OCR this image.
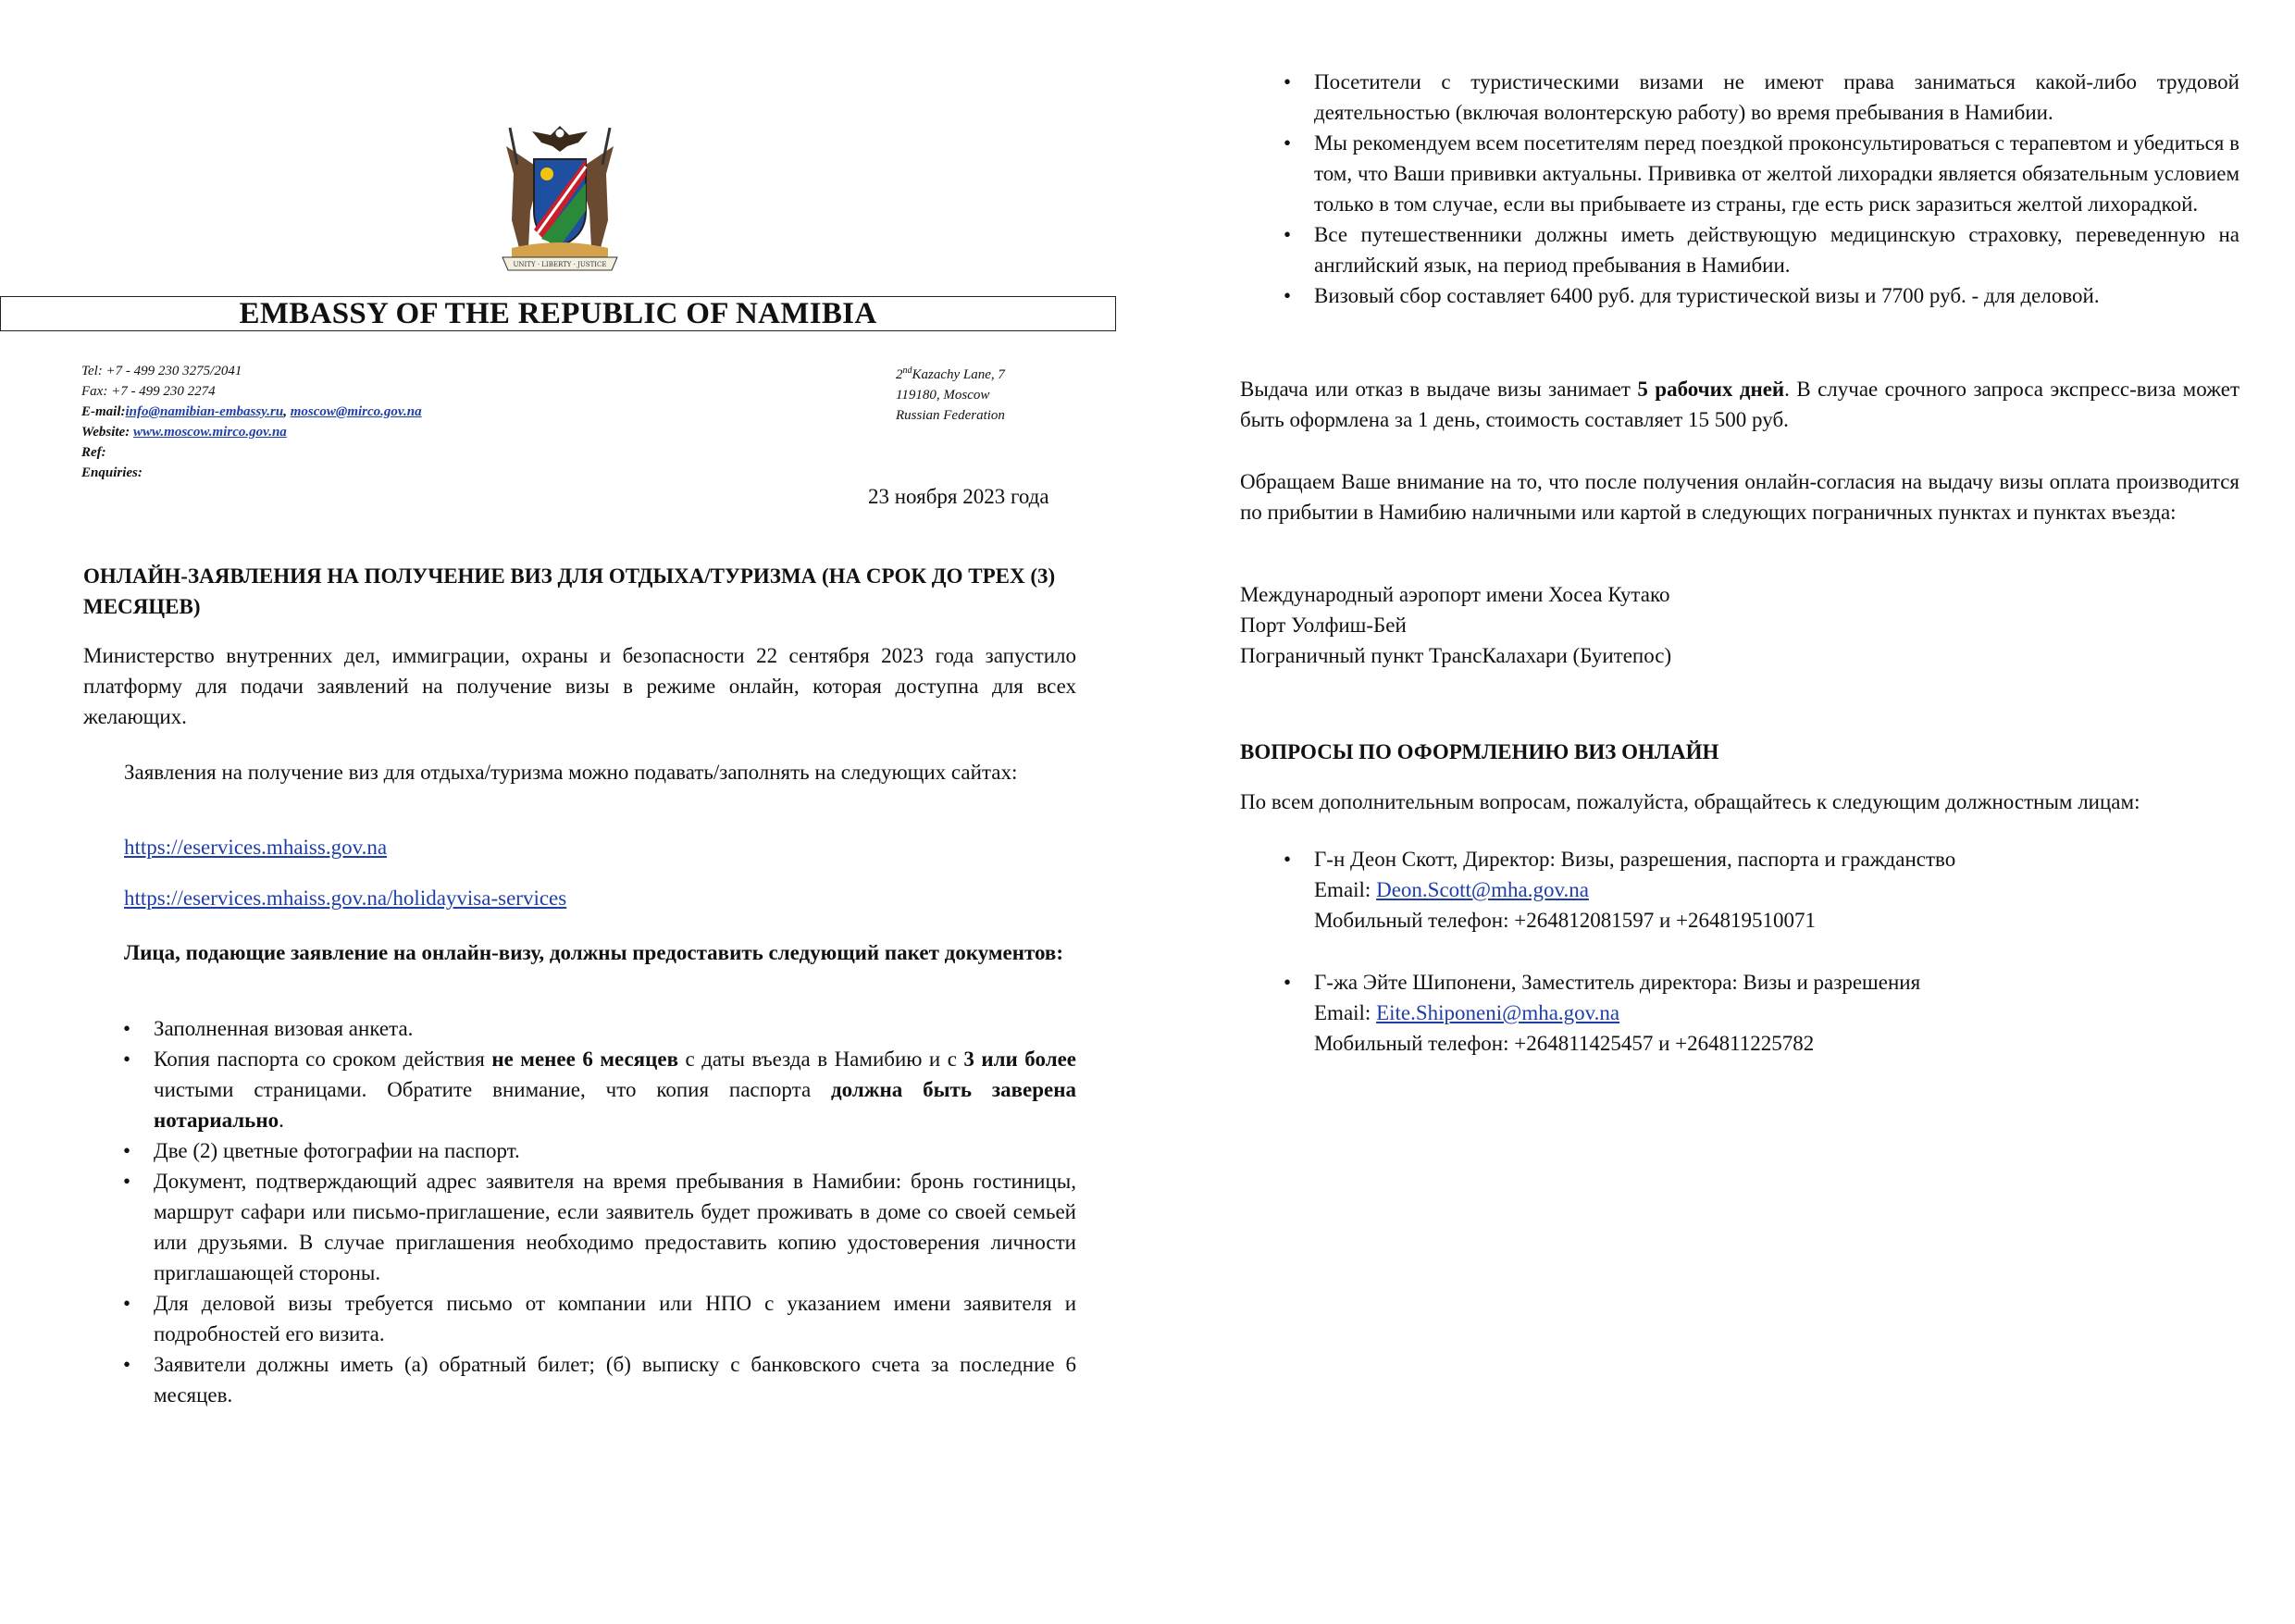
UNITY · LIBERTY · JUSTICE
EMBASSY OF THE REPUBLIC OF NAMIBIA
Tel: +7 - 499 230 3275/2041
Fax: +7 - 499 230 2274
E-mail:info@namibian-embassy.ru, moscow@mirco.gov.na
Website: www.moscow.mirco.gov.na
Ref:
Enquiries:
2ndKazachy Lane, 7
119180, Moscow
Russian Federation
23 ноября 2023 года
ОНЛАЙН-ЗАЯВЛЕНИЯ НА ПОЛУЧЕНИЕ ВИЗ ДЛЯ ОТДЫХА/ТУРИЗМА (НА СРОК ДО ТРЕХ (3) МЕСЯЦЕВ)
Министерство внутренних дел, иммиграции, охраны и безопасности 22 сентября 2023 года запустило платформу для подачи заявлений на получение визы в режиме онлайн, которая доступна для всех желающих.
Заявления на получение виз для отдыха/туризма можно подавать/заполнять на следующих сайтах:
https://eservices.mhaiss.gov.na
https://eservices.mhaiss.gov.na/holidayvisa-services
Лица, подающие заявление на онлайн-визу, должны предоставить следующий пакет документов:
• Заполненная визовая анкета.
• Копия паспорта со сроком действия не менее 6 месяцев с даты въезда в Намибию и с 3 или более чистыми страницами. Обратите внимание, что копия паспорта должна быть заверена нотариально.
• Две (2) цветные фотографии на паспорт.
• Документ, подтверждающий адрес заявителя на время пребывания в Намибии: бронь гостиницы, маршрут сафари или письмо-приглашение, если заявитель будет проживать в доме со своей семьей или друзьями. В случае приглашения необходимо предоставить копию удостоверения личности приглашающей стороны.
• Для деловой визы требуется письмо от компании или НПО с указанием имени заявителя и подробностей его визита.
• Заявители должны иметь (а) обратный билет; (б) выписку с банковского счета за последние 6 месяцев.
• Посетители с туристическими визами не имеют права заниматься какой-либо трудовой деятельностью (включая волонтерскую работу) во время пребывания в Намибии.
• Мы рекомендуем всем посетителям перед поездкой проконсультироваться с терапевтом и убедиться в том, что Ваши прививки актуальны. Прививка от желтой лихорадки является обязательным условием только в том случае, если вы прибываете из страны, где есть риск заразиться желтой лихорадкой.
• Все путешественники должны иметь действующую медицинскую страховку, переведенную на английский язык, на период пребывания в Намибии.
• Визовый сбор составляет 6400 руб. для туристической визы и 7700 руб. - для деловой.
Выдача или отказ в выдаче визы занимает 5 рабочих дней. В случае срочного запроса экспресс-виза может быть оформлена за 1 день, стоимость составляет 15 500 руб.
Обращаем Ваше внимание на то, что после получения онлайн-согласия на выдачу визы оплата производится по прибытии в Намибию наличными или картой в следующих пограничных пунктах и пунктах въезда:
Международный аэропорт имени Хосеа Кутако
Порт Уолфиш-Бей
Пограничный пункт ТрансКалахари (Буитепос)
ВОПРОСЫ ПО ОФОРМЛЕНИЮ ВИЗ ОНЛАЙН
По всем дополнительным вопросам, пожалуйста, обращайтесь к следующим должностным лицам:
• Г-н Деон Скотт, Директор: Визы, разрешения, паспорта и гражданство
Email: Deon.Scott@mha.gov.na
Мобильный телефон: +264812081597 и +264819510071
• Г-жа Эйте Шипонени, Заместитель директора: Визы и разрешения
Email: Eite.Shiponeni@mha.gov.na
Мобильный телефон: +264811425457 и +264811225782
